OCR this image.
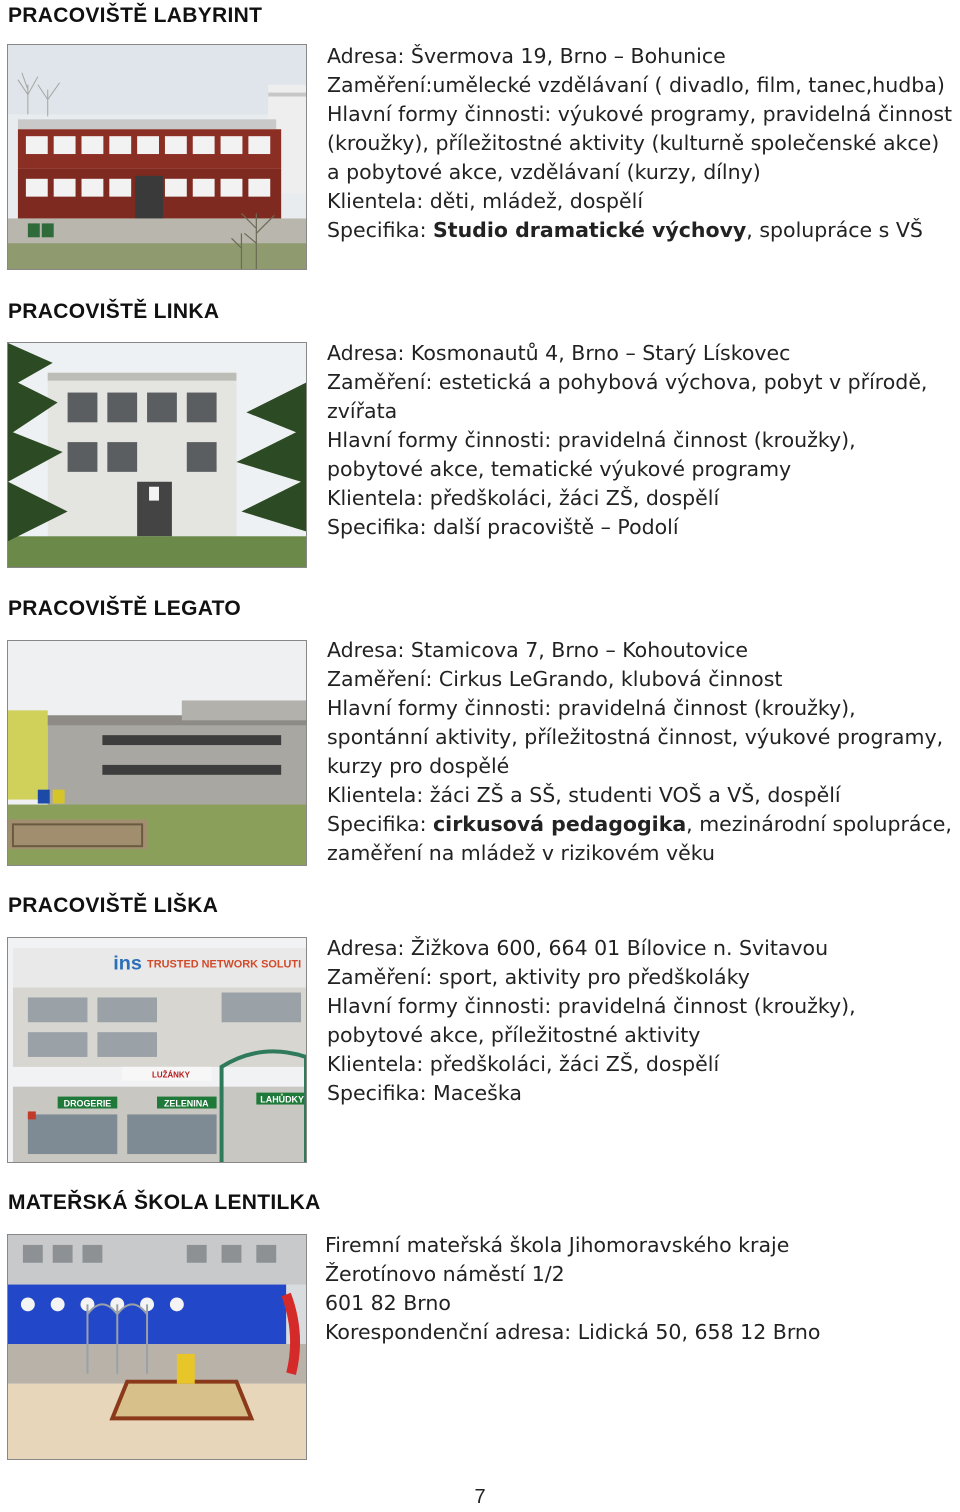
PRACOVIŠTĚ LABYRINT
Adresa: Švermova 19, Brno – Bohunice
Zaměření:umělecké vzdělávaní ( divadlo, film, tanec,hudba)
Hlavní formy činnosti: výukové programy, pravidelná činnost
(kroužky), příležitostné aktivity (kulturně společenské akce)
a pobytové akce, vzdělávaní (kurzy, dílny)
Klientela: děti, mládež, dospělí
Specifika: Studio dramatické výchovy, spolupráce s VŠ
PRACOVIŠTĚ LINKA
Adresa: Kosmonautů 4, Brno – Starý Lískovec
Zaměření: estetická a pohybová výchova, pobyt v přírodě,
zvířata
Hlavní formy činnosti: pravidelná činnost (kroužky),
pobytové akce, tematické výukové programy
Klientela: předškoláci, žáci ZŠ, dospělí
Specifika: další pracoviště – Podolí
PRACOVIŠTĚ LEGATO
Adresa: Stamicova 7, Brno – Kohoutovice
Zaměření: Cirkus LeGrando, klubová činnost
Hlavní formy činnosti: pravidelná činnost (kroužky),
spontánní aktivity, příležitostná činnost, výukové programy,
kurzy pro dospělé
Klientela: žáci ZŠ a SŠ, studenti VOŠ a VŠ, dospělí
Specifika: cirkusová pedagogika, mezinárodní spolupráce,
zaměření na mládež v rizikovém věku
PRACOVIŠTĚ LIŠKA
ins TRUSTED NETWORK SOLUTI
LUŽÁNKY
DROGERIE	ZELENINA	LAHŮDKY
Adresa: Žižkova 600, 664 01 Bílovice n. Svitavou
Zaměření: sport, aktivity pro předškoláky
Hlavní formy činnosti: pravidelná činnost (kroužky),
pobytové akce, příležitostné aktivity
Klientela: předškoláci, žáci ZŠ, dospělí
Specifika: Maceška
MATEŘSKÁ ŠKOLA LENTILKA
Firemní mateřská škola Jihomoravského kraje
Žerotínovo náměstí 1/2
601 82 Brno
Korespondenční adresa: Lidická 50, 658 12 Brno
7
